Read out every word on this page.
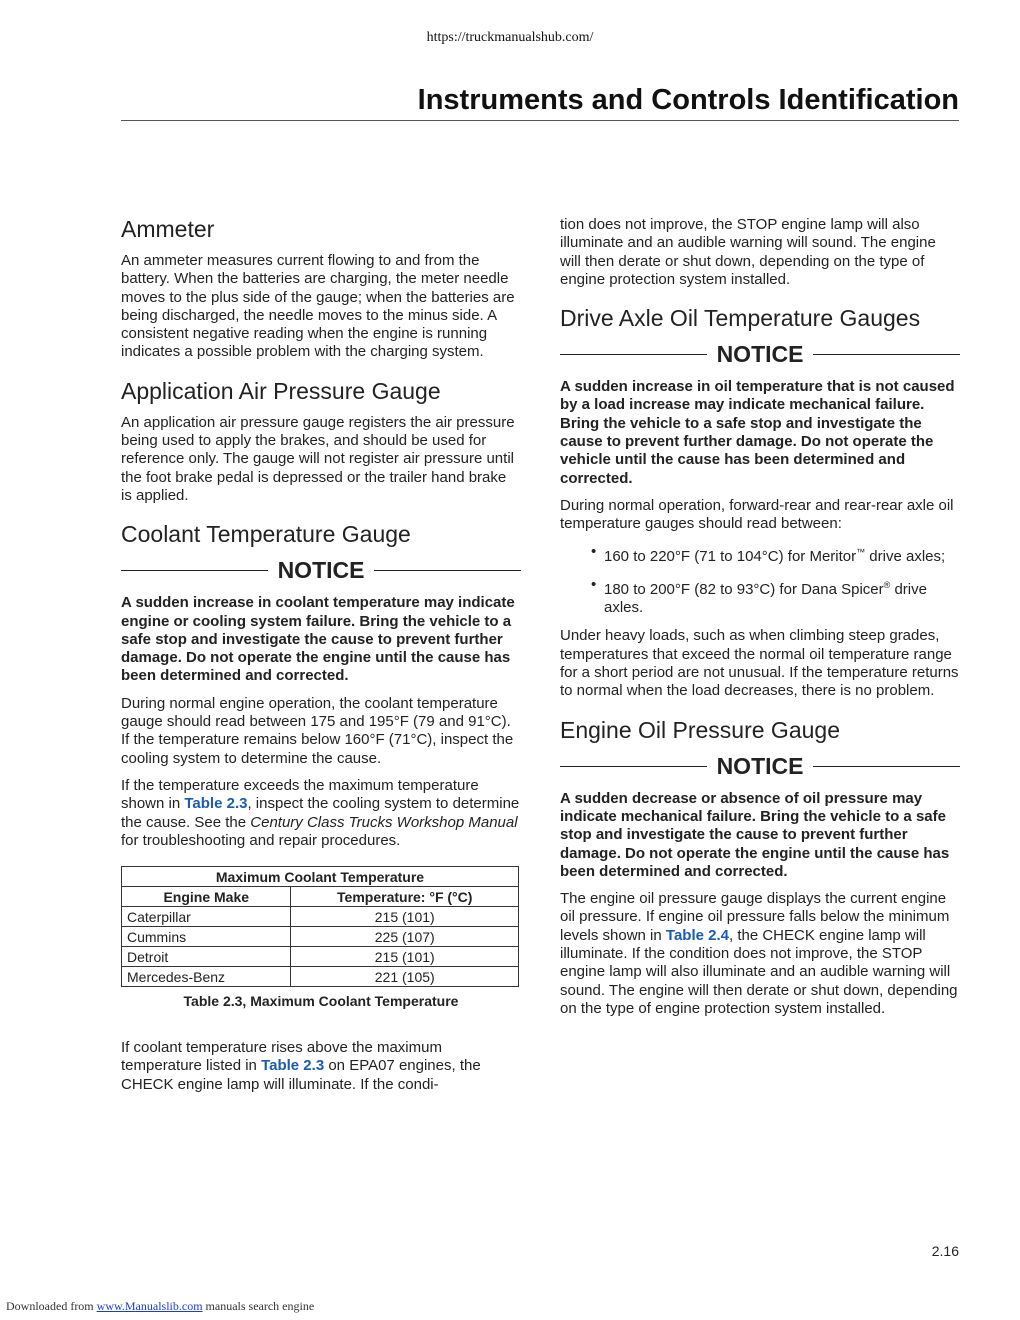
https://truckmanualshub.com/
Instruments and Controls Identification
Ammeter

An ammeter measures current flowing to and from the battery. When the batteries are charging, the meter needle moves to the plus side of the gauge; when the batteries are being discharged, the needle moves to the minus side. A consistent negative reading when the engine is running indicates a possible problem with the charging system.

Application Air Pressure Gauge

An application air pressure gauge registers the air pressure being used to apply the brakes, and should be used for reference only. The gauge will not register air pressure until the foot brake pedal is depressed or the trailer hand brake is applied.

Coolant Temperature Gauge
NOTICE

A sudden increase in coolant temperature may indicate engine or cooling system failure. Bring the vehicle to a safe stop and investigate the cause to prevent further damage. Do not operate the engine until the cause has been determined and corrected.

During normal engine operation, the coolant temperature gauge should read between 175 and 195°F (79 and 91°C). If the temperature remains below 160°F (71°C), inspect the cooling system to determine the cause.

If the temperature exceeds the maximum temperature shown in Table 2.3, inspect the cooling system to determine the cause. See the Century Class Trucks Workshop Manual for troubleshooting and repair procedures.

Maximum Coolant Temperature	
Engine Make	Temperature: °F (°C)
Caterpillar	215 (101)
Cummins	225 (107)
Detroit	215 (101)
Mercedes-Benz	221 (105)
Table 2.3, Maximum Coolant Temperature

If coolant temperature rises above the maximum temperature listed in Table 2.3 on EPA07 engines, the CHECK engine lamp will illuminate. If the condi-

tion does not improve, the STOP engine lamp will also illuminate and an audible warning will sound. The engine will then derate or shut down, depending on the type of engine protection system installed.

Drive Axle Oil Temperature Gauges
NOTICE

A sudden increase in oil temperature that is not caused by a load increase may indicate mechanical failure. Bring the vehicle to a safe stop and investigate the cause to prevent further damage. Do not operate the vehicle until the cause has been determined and corrected.

During normal operation, forward-rear and rear-rear axle oil temperature gauges should read between:

• 160 to 220°F (71 to 104°C) for Meritor™ drive axles;
• 180 to 200°F (82 to 93°C) for Dana Spicer® drive axles.

Under heavy loads, such as when climbing steep grades, temperatures that exceed the normal oil temperature range for a short period are not unusual. If the temperature returns to normal when the load decreases, there is no problem.

Engine Oil Pressure Gauge
NOTICE

A sudden decrease or absence of oil pressure may indicate mechanical failure. Bring the vehicle to a safe stop and investigate the cause to prevent further damage. Do not operate the engine until the cause has been determined and corrected.

The engine oil pressure gauge displays the current engine oil pressure. If engine oil pressure falls below the minimum levels shown in Table 2.4, the CHECK engine lamp will illuminate. If the condition does not improve, the STOP engine lamp will also illuminate and an audible warning will sound. The engine will then derate or shut down, depending on the type of engine protection system installed.

2.16
Downloaded from www.Manualslib.com manuals search engine
